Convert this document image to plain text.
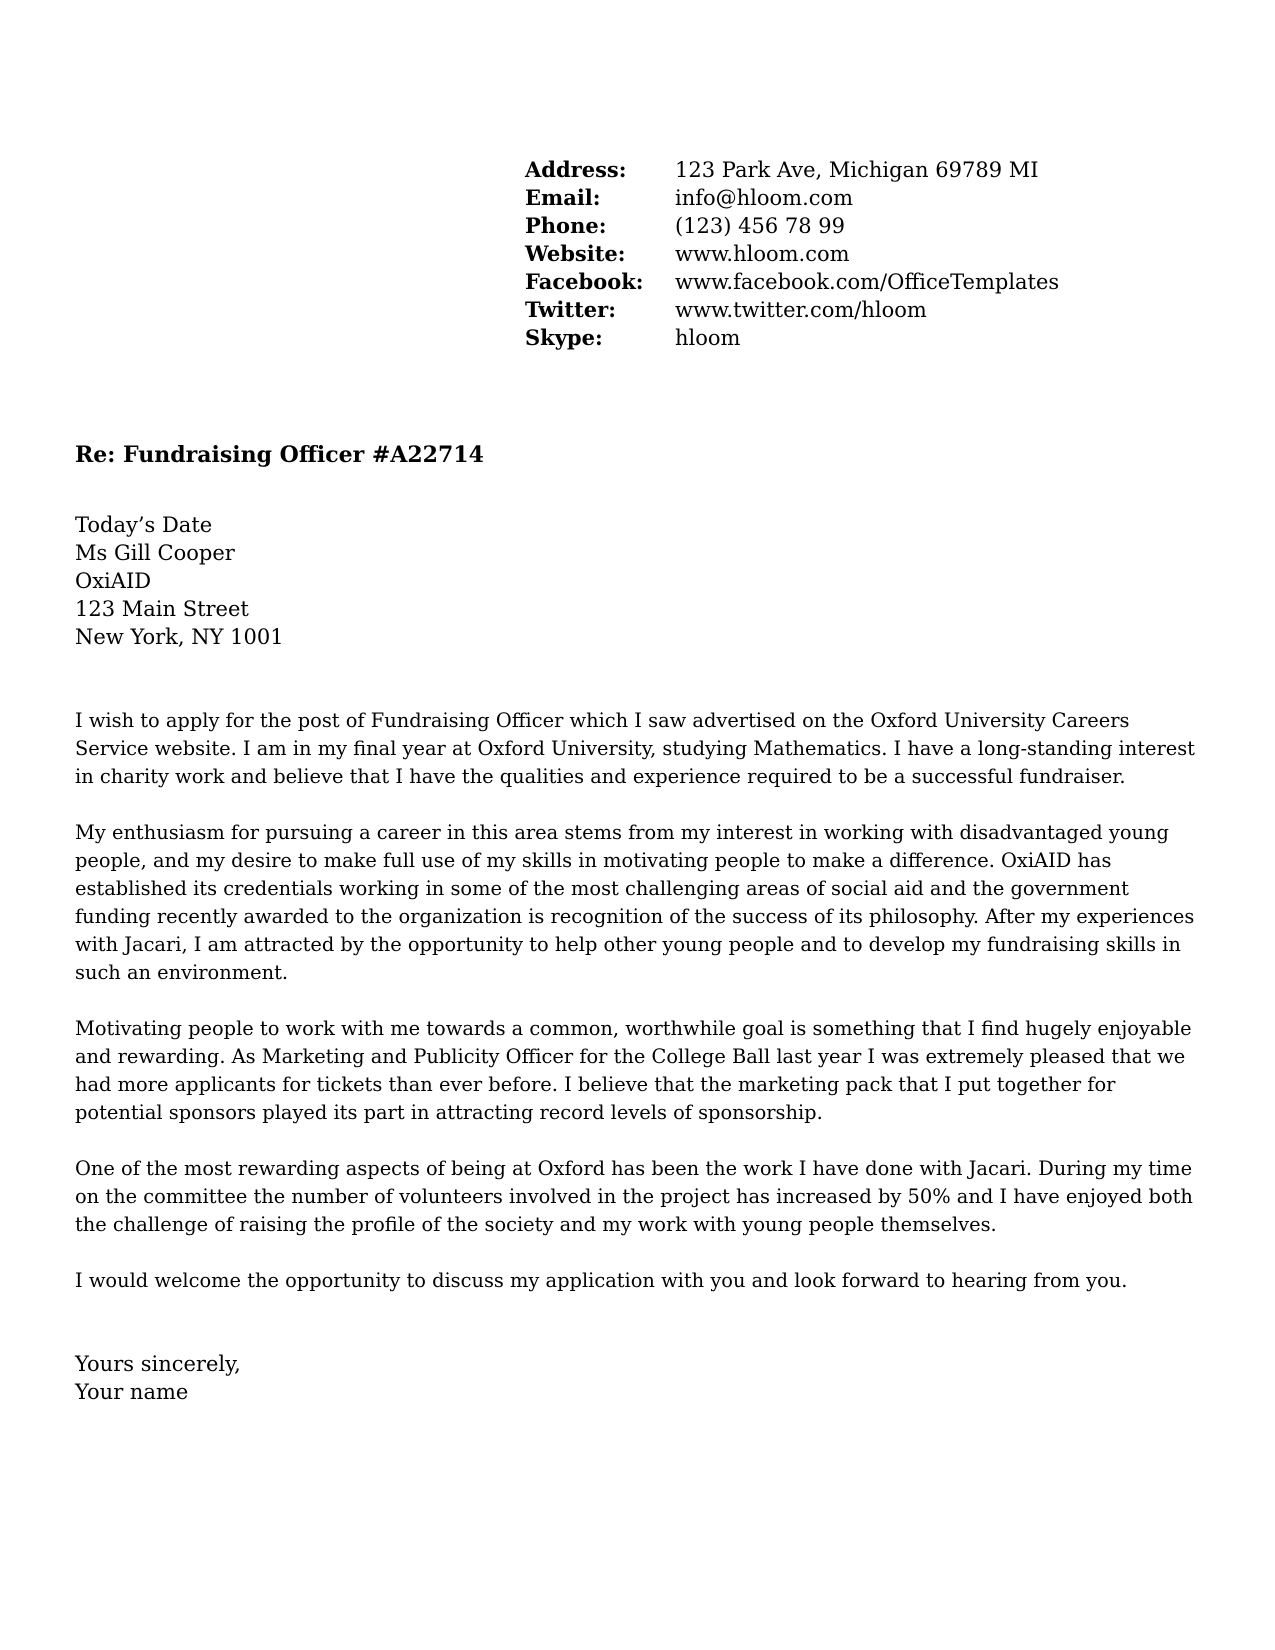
Address:	123 Park Ave, Michigan 69789 MI
Email:	info@hloom.com
Phone:	(123) 456 78 99
Website:	www.hloom.com
Facebook:	www.facebook.com/OfficeTemplates
Twitter:	www.twitter.com/hloom
Skype:	hloom
Re: Fundraising Officer #A22714
Today’s Date
Ms Gill Cooper
OxiAID
123 Main Street
New York, NY 1001

I wish to apply for the post of Fundraising Officer which I saw advertised on the Oxford University Careers Service website. I am in my final year at Oxford University, studying Mathematics. I have a long-standing interest in charity work and believe that I have the qualities and experience required to be a successful fundraiser.

My enthusiasm for pursuing a career in this area stems from my interest in working with disadvantaged young people, and my desire to make full use of my skills in motivating people to make a difference. OxiAID has established its credentials working in some of the most challenging areas of social aid and the government funding recently awarded to the organization is recognition of the success of its philosophy. After my experiences with Jacari, I am attracted by the opportunity to help other young people and to develop my fundraising skills in such an environment.

Motivating people to work with me towards a common, worthwhile goal is something that I find hugely enjoyable and rewarding. As Marketing and Publicity Officer for the College Ball last year I was extremely pleased that we had more applicants for tickets than ever before. I believe that the marketing pack that I put together for potential sponsors played its part in attracting record levels of sponsorship.

One of the most rewarding aspects of being at Oxford has been the work I have done with Jacari. During my time on the committee the number of volunteers involved in the project has increased by 50% and I have enjoyed both the challenge of raising the profile of the society and my work with young people themselves.

I would welcome the opportunity to discuss my application with you and look forward to hearing from you.

Yours sincerely,
Your name
